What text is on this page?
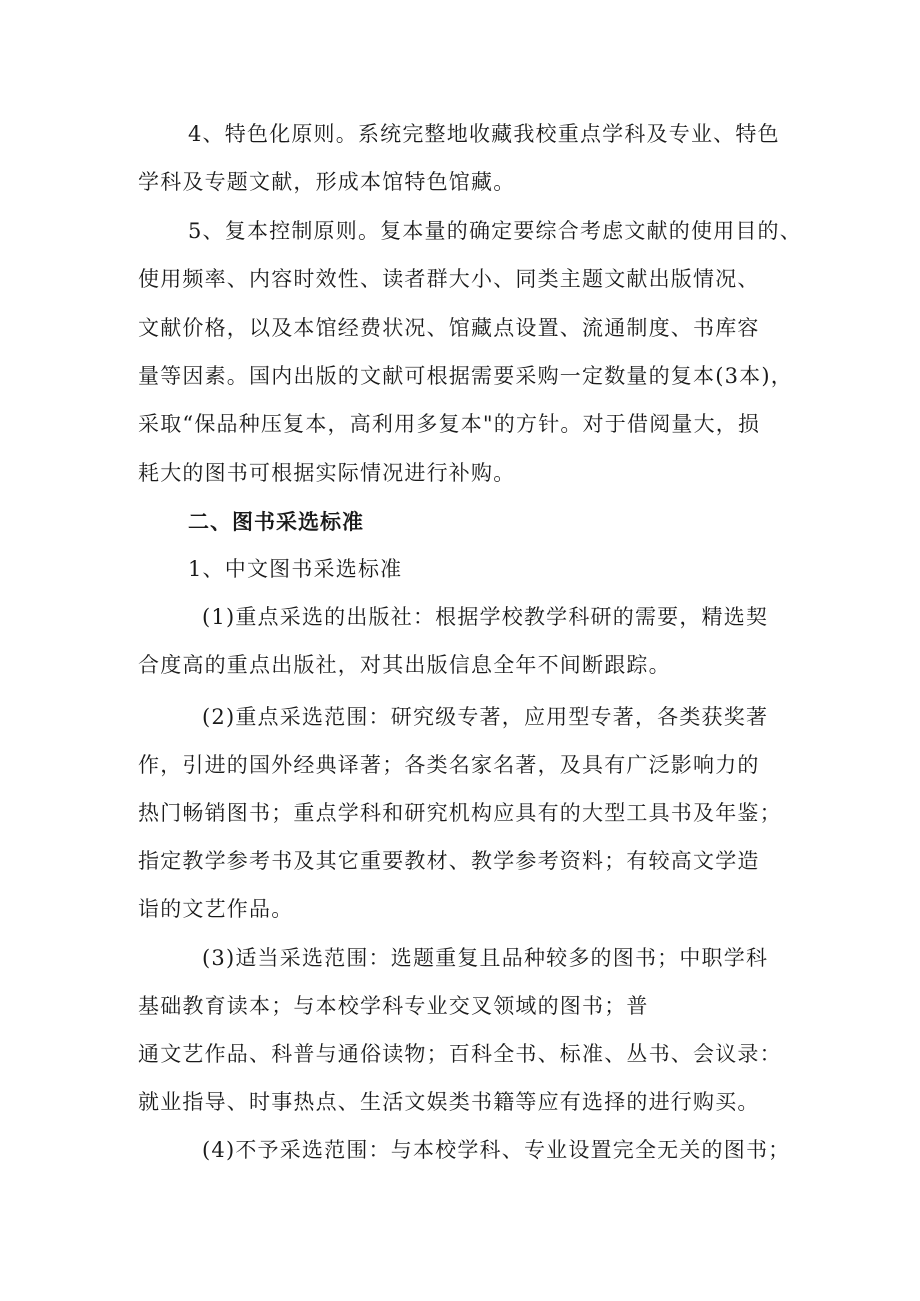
4、特色化原则。系统完整地收藏我校重点学科及专业、特色
学科及专题文献，形成本馆特色馆藏。
5、复本控制原则。复本量的确定要综合考虑文献的使用目的、
使用频率、内容时效性、读者群大小、同类主题文献出版情况、
文献价格，以及本馆经费状况、馆藏点设置、流通制度、书库容
量等因素。国内出版的文献可根据需要采购一定数量的复本(3本)，
采取“保品种压复本，高利用多复本"的方针。对于借阅量大，损
耗大的图书可根据实际情况进行补购。
二、图书采选标准
1、中文图书采选标准
(1)重点采选的出版社：根据学校教学科研的需要，精选契
合度高的重点出版社，对其出版信息全年不间断跟踪。
(2)重点采选范围：研究级专著，应用型专著，各类获奖著
作，引进的国外经典译著；各类名家名著，及具有广泛影响力的
热门畅销图书；重点学科和研究机构应具有的大型工具书及年鉴；
指定教学参考书及其它重要教材、教学参考资料；有较高文学造
诣的文艺作品。
(3)适当采选范围：选题重复且品种较多的图书；中职学科
基础教育读本；与本校学科专业交叉领域的图书；普
通文艺作品、科普与通俗读物；百科全书、标准、丛书、会议录：
就业指导、时事热点、生活文娱类书籍等应有选择的进行购买。
(4)不予采选范围：与本校学科、专业设置完全无关的图书；
